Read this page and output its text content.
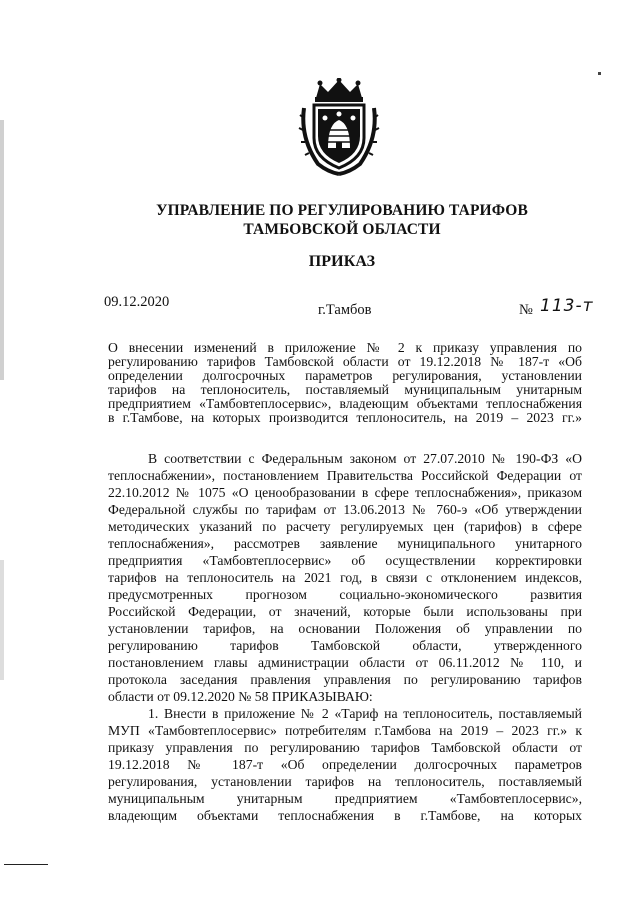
УПРАВЛЕНИЕ ПО РЕГУЛИРОВАНИЮ ТАРИФОВ
ТАМБОВСКОЙ ОБЛАСТИ
ПРИКАЗ
09.12.2020	г.Тамбов	№ 113-т
О внесении изменений в приложение № 2 к приказу управления по
регулированию тарифов Тамбовской области от 19.12.2018 № 187-т «Об
определении долгосрочных параметров регулирования, установлении
тарифов на теплоноситель, поставляемый муниципальным унитарным
предприятием «Тамбовтеплосервис», владеющим объектами теплоснабжения
в г.Тамбове, на которых производится теплоноситель, на 2019 – 2023 гг.»
В соответствии с Федеральным законом от 27.07.2010 № 190-ФЗ «О
теплоснабжении», постановлением Правительства Российской Федерации от
22.10.2012 № 1075 «О ценообразовании в сфере теплоснабжения», приказом
Федеральной службы по тарифам от 13.06.2013 № 760-э «Об утверждении
методических указаний по расчету регулируемых цен (тарифов) в сфере
теплоснабжения», рассмотрев заявление муниципального унитарного
предприятия «Тамбовтеплосервис» об осуществлении корректировки
тарифов на теплоноситель на 2021 год, в связи с отклонением индексов,
предусмотренных прогнозом социально-экономического развития
Российской Федерации, от значений, которые были использованы при
установлении тарифов, на основании Положения об управлении по
регулированию тарифов Тамбовской области, утвержденного
постановлением главы администрации области от 06.11.2012 № 110, и
протокола заседания правления управления по регулированию тарифов
области от 09.12.2020 № 58 ПРИКАЗЫВАЮ:
1. Внести в приложение № 2 «Тариф на теплоноситель, поставляемый
МУП «Тамбовтеплосервис» потребителям г.Тамбова на 2019 – 2023 гг.» к
приказу управления по регулированию тарифов Тамбовской области от
19.12.2018 № 187-т «Об определении долгосрочных параметров
регулирования, установлении тарифов на теплоноситель, поставляемый
муниципальным унитарным предприятием «Тамбовтеплосервис»,
владеющим объектами теплоснабжения в г.Тамбове, на которых
